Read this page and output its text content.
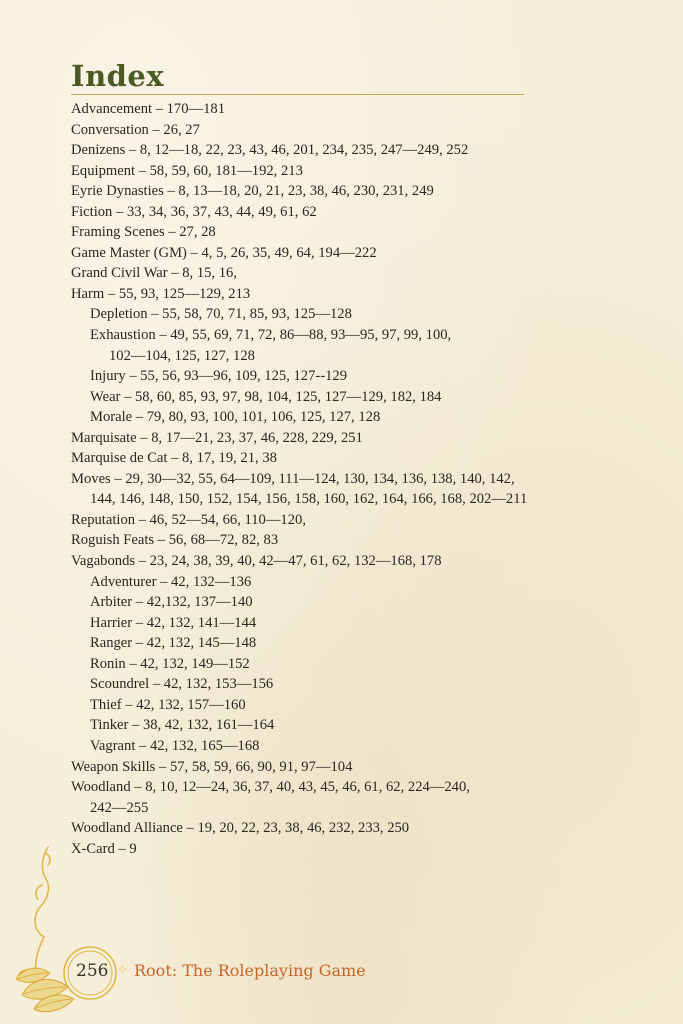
Index
Advancement – 170—181
Conversation – 26, 27
Denizens – 8, 12—18, 22, 23, 43, 46, 201, 234, 235, 247—249, 252
Equipment – 58, 59, 60, 181—192, 213
Eyrie Dynasties – 8, 13—18, 20, 21, 23, 38, 46, 230, 231, 249
Fiction – 33, 34, 36, 37, 43, 44, 49, 61, 62
Framing Scenes – 27, 28
Game Master (GM) – 4, 5, 26, 35, 49, 64, 194—222
Grand Civil War – 8, 15, 16,
Harm – 55, 93, 125—129, 213
Depletion – 55, 58, 70, 71, 85, 93, 125—128
Exhaustion – 49, 55, 69, 71, 72, 86—88, 93—95, 97, 99, 100,
102—104, 125, 127, 128
Injury – 55, 56, 93—96, 109, 125, 127--129
Wear – 58, 60, 85, 93, 97, 98, 104, 125, 127—129, 182, 184
Morale – 79, 80, 93, 100, 101, 106, 125, 127, 128
Marquisate – 8, 17—21, 23, 37, 46, 228, 229, 251
Marquise de Cat – 8, 17, 19, 21, 38
Moves – 29, 30—32, 55, 64—109, 111—124, 130, 134, 136, 138, 140, 142,
144, 146, 148, 150, 152, 154, 156, 158, 160, 162, 164, 166, 168, 202—211
Reputation – 46, 52—54, 66, 110—120,
Roguish Feats – 56, 68—72, 82, 83
Vagabonds – 23, 24, 38, 39, 40, 42—47, 61, 62, 132—168, 178
Adventurer – 42, 132—136
Arbiter – 42,132, 137—140
Harrier – 42, 132, 141—144
Ranger – 42, 132, 145—148
Ronin – 42, 132, 149—152
Scoundrel – 42, 132, 153—156
Thief – 42, 132, 157—160
Tinker – 38, 42, 132, 161—164
Vagrant – 42, 132, 165—168
Weapon Skills – 57, 58, 59, 66, 90, 91, 97—104
Woodland – 8, 10, 12—24, 36, 37, 40, 43, 45, 46, 61, 62, 224—240,
242—255
Woodland Alliance – 19, 20, 22, 23, 38, 46, 232, 233, 250
X-Card – 9
256 ⁘ Root: The Roleplaying Game
